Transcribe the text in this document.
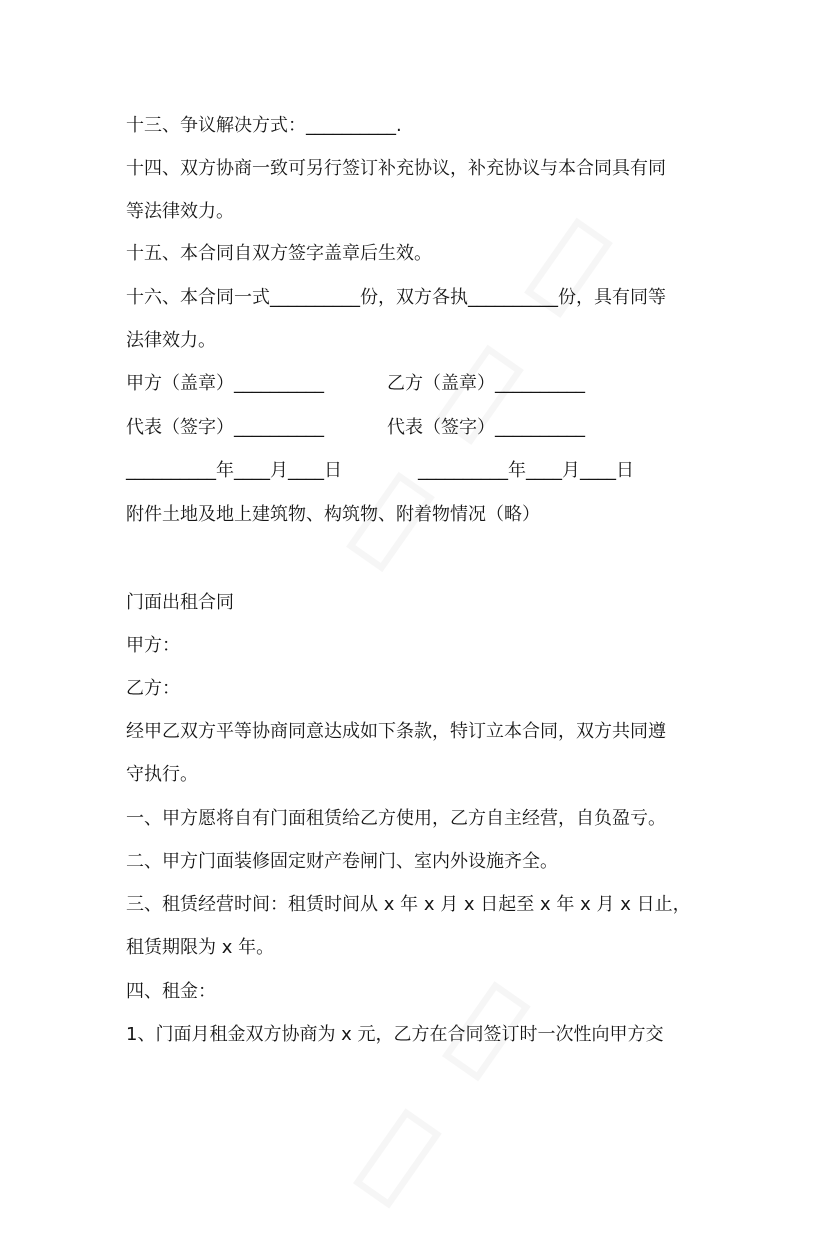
十三、争议解决方式：__________.
十四、双方协商一致可另行签订补充协议，补充协议与本合同具有同
等法律效力。
十五、本合同自双方签字盖章后生效。
十六、本合同一式__________份，双方各执__________份，具有同等
法律效力。
甲方（盖章）__________	乙方（盖章）__________
代表（签字）__________	代表（签字）__________
__________年____月____日	__________年____月____日
附件土地及地上建筑物、构筑物、附着物情况（略）
门面出租合同
甲方：
乙方：
经甲乙双方平等协商同意达成如下条款，特订立本合同，双方共同遵
守执行。
一、甲方愿将自有门面租赁给乙方使用，乙方自主经营，自负盈亏。
二、甲方门面装修固定财产卷闸门、室内外设施齐全。
三、租赁经营时间：租赁时间从 x 年 x 月 x 日起至 x 年 x 月 x 日止，
租赁期限为 x 年。
四、租金：
1、门面月租金双方协商为 x 元，乙方在合同签订时一次性向甲方交
